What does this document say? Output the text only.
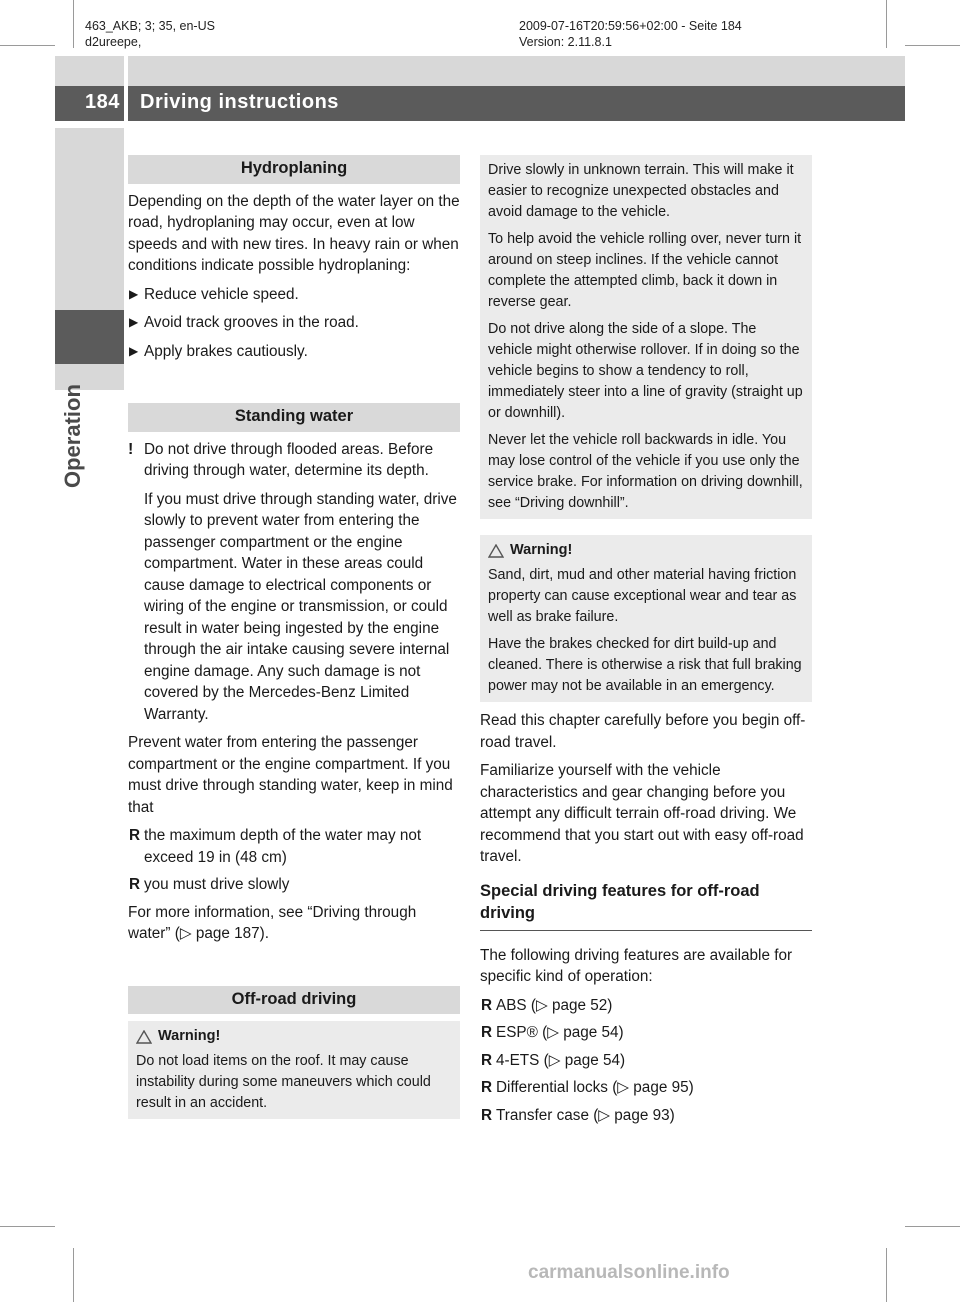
463_AKB; 3; 35, en-US
d2ureepe,
2009-07-16T20:59:56+02:00 - Seite 184
Version: 2.11.8.1
184 Driving instructions
Operation
Hydroplaning
Depending on the depth of the water layer on the road, hydroplaning may occur, even at low speeds and with new tires. In heavy rain or when conditions indicate possible hydroplaning:
▶ Reduce vehicle speed.
▶ Avoid track grooves in the road.
▶ Apply brakes cautiously.
Standing water
! Do not drive through flooded areas. Before driving through water, determine its depth.

If you must drive through standing water, drive slowly to prevent water from entering the passenger compartment or the engine compartment. Water in these areas could cause damage to electrical components or wiring of the engine or transmission, or could result in water being ingested by the engine through the air intake causing severe internal engine damage. Any such damage is not covered by the Mercedes-Benz Limited Warranty.

Prevent water from entering the passenger compartment or the engine compartment. If you must drive through standing water, keep in mind that
R the maximum depth of the water may not exceed 19 in (48 cm)
R you must drive slowly
For more information, see “Driving through water” (▷ page 187).
Off-road driving
Warning!

Do not load items on the roof. It may cause instability during some maneuvers which could result in an accident.

Drive slowly in unknown terrain. This will make it easier to recognize unexpected obstacles and avoid damage to the vehicle.

To help avoid the vehicle rolling over, never turn it around on steep inclines. If the vehicle cannot complete the attempted climb, back it down in reverse gear.

Do not drive along the side of a slope. The vehicle might otherwise rollover. If in doing so the vehicle begins to show a tendency to roll, immediately steer into a line of gravity (straight up or downhill).

Never let the vehicle roll backwards in idle. You may lose control of the vehicle if you use only the service brake. For information on driving downhill, see “Driving downhill”.

Warning!

Sand, dirt, mud and other material having friction property can cause exceptional wear and tear as well as brake failure.

Have the brakes checked for dirt build-up and cleaned. There is otherwise a risk that full braking power may not be available in an emergency.

Read this chapter carefully before you begin off-road travel.
Familiarize yourself with the vehicle characteristics and gear changing before you attempt any difficult terrain off-road driving. We recommend that you start out with easy off-road travel.
Special driving features for off-road driving
The following driving features are available for specific kind of operation:
R ABS (▷ page 52)
R ESP® (▷ page 54)
R 4-ETS (▷ page 54)
R Differential locks (▷ page 95)
R Transfer case (▷ page 93)
carmanualsonline.info
